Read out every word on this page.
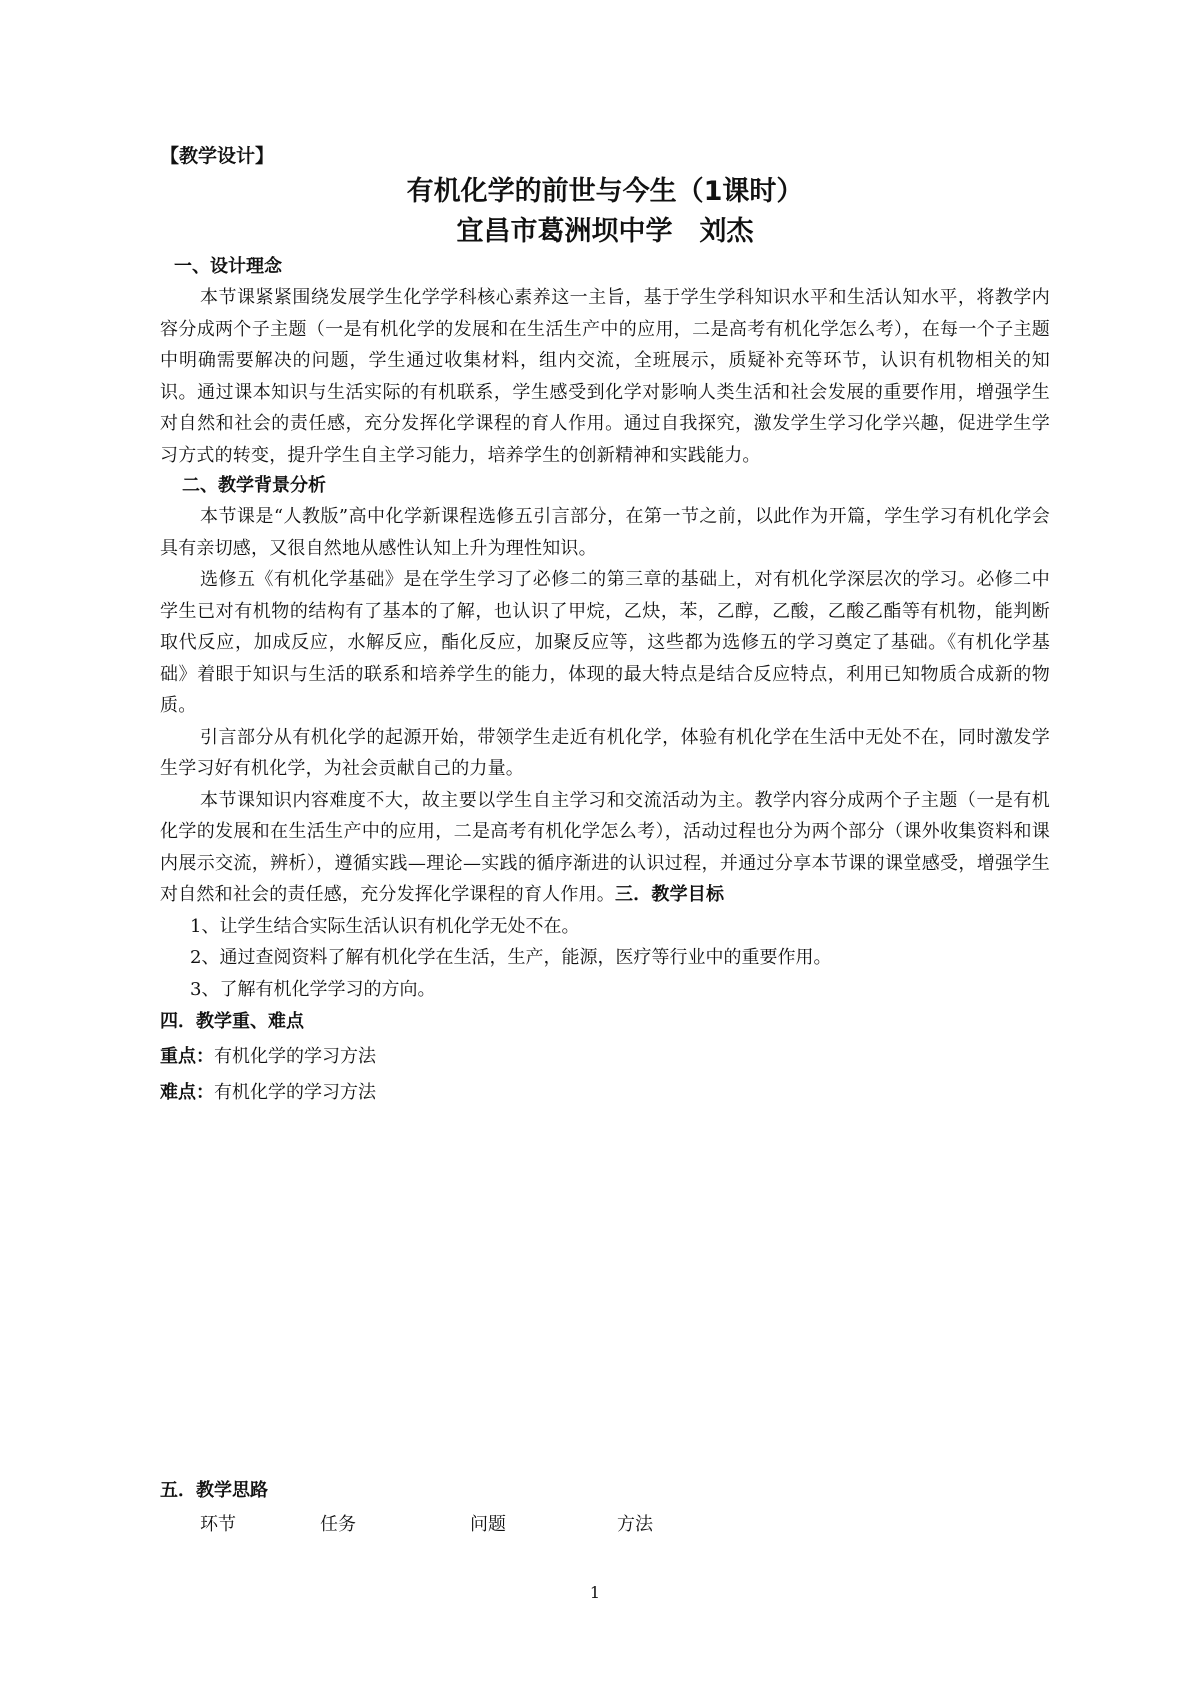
【教学设计】
有机化学的前世与今生（1课时）
宜昌市葛洲坝中学　刘杰
一、设计理念

本节课紧紧围绕发展学生化学学科核心素养这一主旨，基于学生学科知识水平和生活认知水平，将教学内容分成两个子主题（一是有机化学的发展和在生活生产中的应用，二是高考有机化学怎么考），在每一个子主题中明确需要解决的问题，学生通过收集材料，组内交流，全班展示，质疑补充等环节，认识有机物相关的知识。通过课本知识与生活实际的有机联系，学生感受到化学对影响人类生活和社会发展的重要作用，增强学生对自然和社会的责任感，充分发挥化学课程的育人作用。通过自我探究，激发学生学习化学兴趣，促进学生学习方式的转变，提升学生自主学习能力，培养学生的创新精神和实践能力。

二、教学背景分析

本节课是“人教版”高中化学新课程选修五引言部分，在第一节之前，以此作为开篇，学生学习有机化学会具有亲切感，又很自然地从感性认知上升为理性知识。

选修五《有机化学基础》是在学生学习了必修二的第三章的基础上，对有机化学深层次的学习。必修二中学生已对有机物的结构有了基本的了解，也认识了甲烷，乙炔，苯，乙醇，乙酸，乙酸乙酯等有机物，能判断取代反应，加成反应，水解反应，酯化反应，加聚反应等，这些都为选修五的学习奠定了基础。《有机化学基础》着眼于知识与生活的联系和培养学生的能力，体现的最大特点是结合反应特点，利用已知物质合成新的物质。

引言部分从有机化学的起源开始，带领学生走近有机化学，体验有机化学在生活中无处不在，同时激发学生学习好有机化学，为社会贡献自己的力量。

本节课知识内容难度不大，故主要以学生自主学习和交流活动为主。教学内容分成两个子主题（一是有机化学的发展和在生活生产中的应用，二是高考有机化学怎么考），活动过程也分为两个部分（课外收集资料和课内展示交流，辨析），遵循实践—理论—实践的循序渐进的认识过程，并通过分享本节课的课堂感受，增强学生对自然和社会的责任感，充分发挥化学课程的育人作用。三．教学目标

1、让学生结合实际生活认识有机化学无处不在。
2、通过查阅资料了解有机化学在生活，生产，能源，医疗等行业中的重要作用。
3、了解有机化学学习的方向。
四．教学重、难点
重点：有机化学的学习方法
难点：有机化学的学习方法
五．教学思路
环节	任务	问题	方法
1
